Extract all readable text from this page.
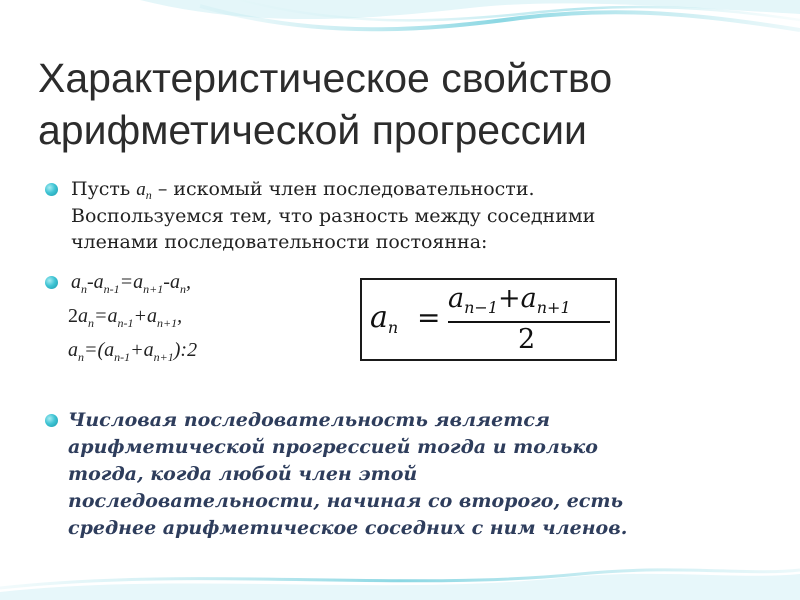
Характеристическое свойство
арифметической прогрессии
Пусть $a_n$ – искомый член последовательности.
Воспользуемся тем, что разность между соседними
членами последовательности постоянна:
$a_n-a_{n-1}=a_{n+1}-a_n$,
$2a_n=a_{n-1}+a_{n+1}$,
$a_n=(a_{n-1}+a_{n+1}):2$
$a_n$ =
$a_{n-1}+a_{n+1}$
2
Числовая последовательность является
арифметической прогрессией тогда и только
тогда, когда любой член этой
последовательности, начиная со второго, есть
среднее арифметическое соседних с ним членов.
